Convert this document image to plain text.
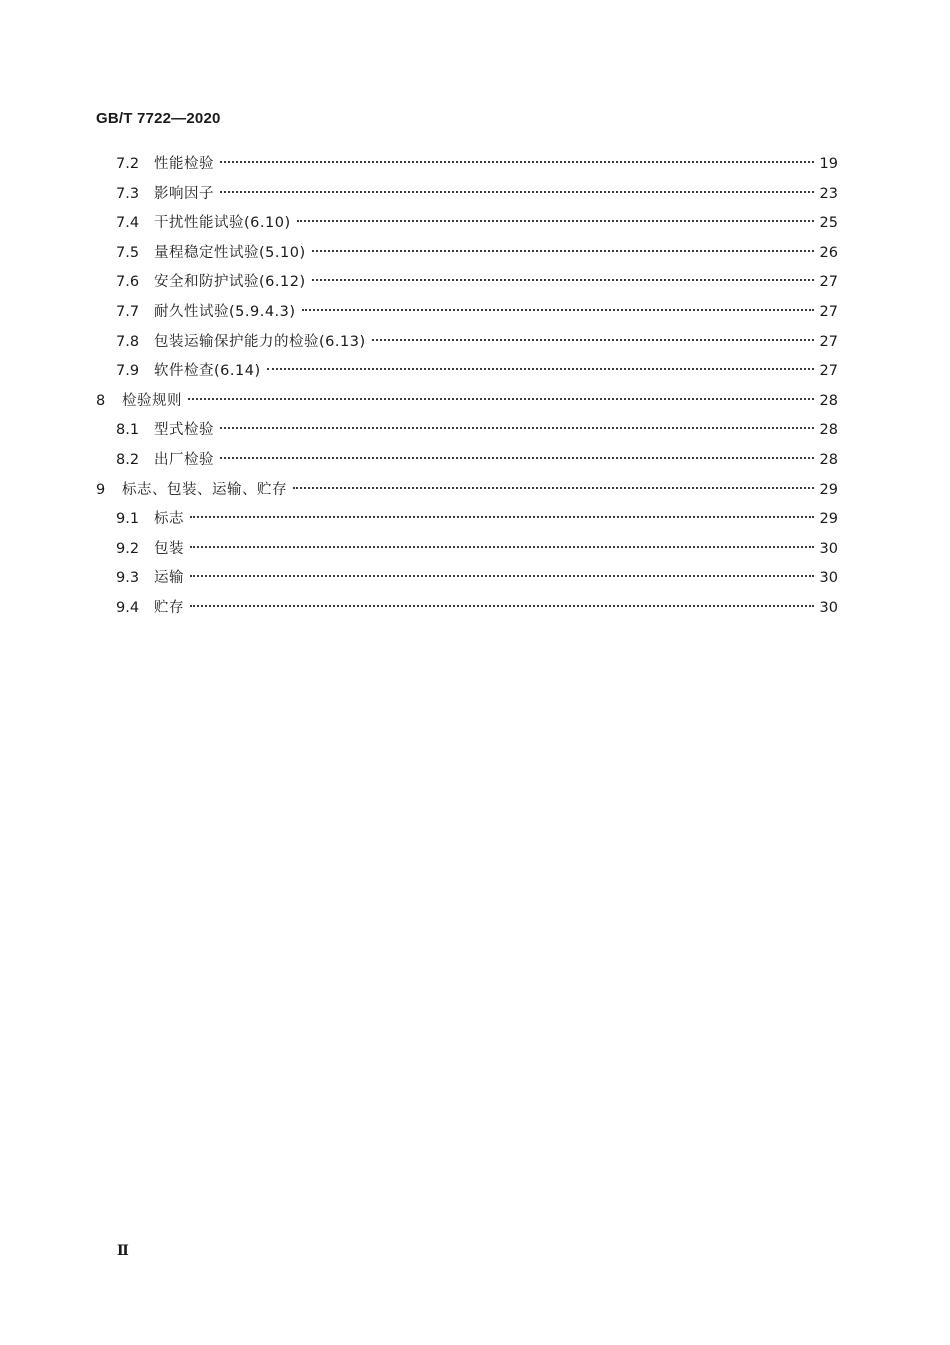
GB/T 7722—2020
7.2	性能检验	19
7.3	影响因子	23
7.4	干扰性能试验(6.10)	25
7.5	量程稳定性试验(5.10)	26
7.6	安全和防护试验(6.12)	27
7.7	耐久性试验(5.9.4.3)	27
7.8	包装运输保护能力的检验(6.13)	27
7.9	软件检查(6.14)	27
8	检验规则	28
8.1	型式检验	28
8.2	出厂检验	28
9	标志、包装、运输、贮存	29
9.1	标志	29
9.2	包装	30
9.3	运输	30
9.4	贮存	30
Ⅱ
